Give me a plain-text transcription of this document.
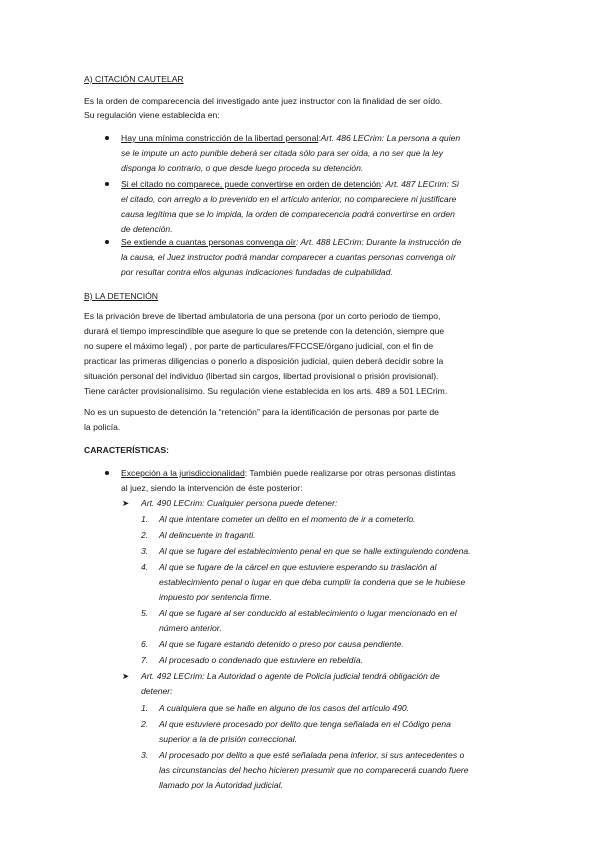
A) CITACIÓN CAUTELAR
Es la orden de comparecencia del investigado ante juez instructor con la finalidad de ser oído.
Su regulación viene establecida en:
Hay una mínima constricción de la libertad personal:Art. 486 LECrim: La persona a quien
se le impute un acto punible deberá ser citada sólo para ser oída, a no ser que la ley
disponga lo contrario, o que desde luego proceda su detención.
Si el citado no comparece, puede convertirse en orden de detención: Art. 487 LECrim: Si
el citado, con arreglo a lo prevenido en el artículo anterior, no compareciere ni justificare
causa legítima que se lo impida, la orden de comparecencia podrá convertirse en orden
de detención.
Se extiende a cuantas personas convenga oír: Art. 488 LECrim: Durante la instrucción de
la causa, el Juez instructor podrá mandar comparecer a cuantas personas convenga oír
por resultar contra ellos algunas indicaciones fundadas de culpabilidad.
B) LA DETENCIÓN
Es la privación breve de libertad ambulatoria de una persona (por un corto periodo de tiempo,
durará el tiempo imprescindible que asegure lo que se pretende con la detención, siempre que
no supere el máximo legal) , por parte de particulares/FFCCSE/órgano judicial, con el fin de
practicar las primeras diligencias o ponerlo a disposición judicial, quien deberá decidir sobre la
situación personal del individuo (libertad sin cargos, libertad provisional o prisión provisional).
Tiene carácter provisionalísimo. Su regulación viene establecida en los arts. 489 a 501 LECrim.
No es un supuesto de detención la “retención” para la identificación de personas por parte de
la policía.
CARACTERÍSTICAS:
Excepción a la jurisdiccionalidad: También puede realizarse por otras personas distintas
al juez, siendo la intervención de éste posterior:
➤ Art. 490 LECrim: Cualquier persona puede detener:
1. Al que intentare cometer un delito en el momento de ir a cometerlo.
2. Al delincuente in fraganti.
3. Al que se fugare del establecimiento penal en que se halle extinguiendo condena.
4. Al que se fugare de la cárcel en que estuviere esperando su traslación al
establecimiento penal o lugar en que deba cumplir la condena que se le hubiese
impuesto por sentencia firme.
5. Al que se fugare al ser conducido al establecimiento o lugar mencionado en el
número anterior.
6. Al que se fugare estando detenido o preso por causa pendiente.
7. Al procesado o condenado que estuviere en rebeldía.
➤ Art. 492 LECrim: La Autoridad o agente de Policía judicial tendrá obligación de
detener:
1. A cualquiera que se halle en alguno de los casos del artículo 490.
2. Al que estuviere procesado por delito que tenga señalada en el Código pena
superior a la de prisión correccional.
3. Al procesado por delito a que esté señalada pena inferior, si sus antecedentes o
las circunstancias del hecho hicieren presumir que no comparecerá cuando fuere
llamado por la Autoridad judicial.
